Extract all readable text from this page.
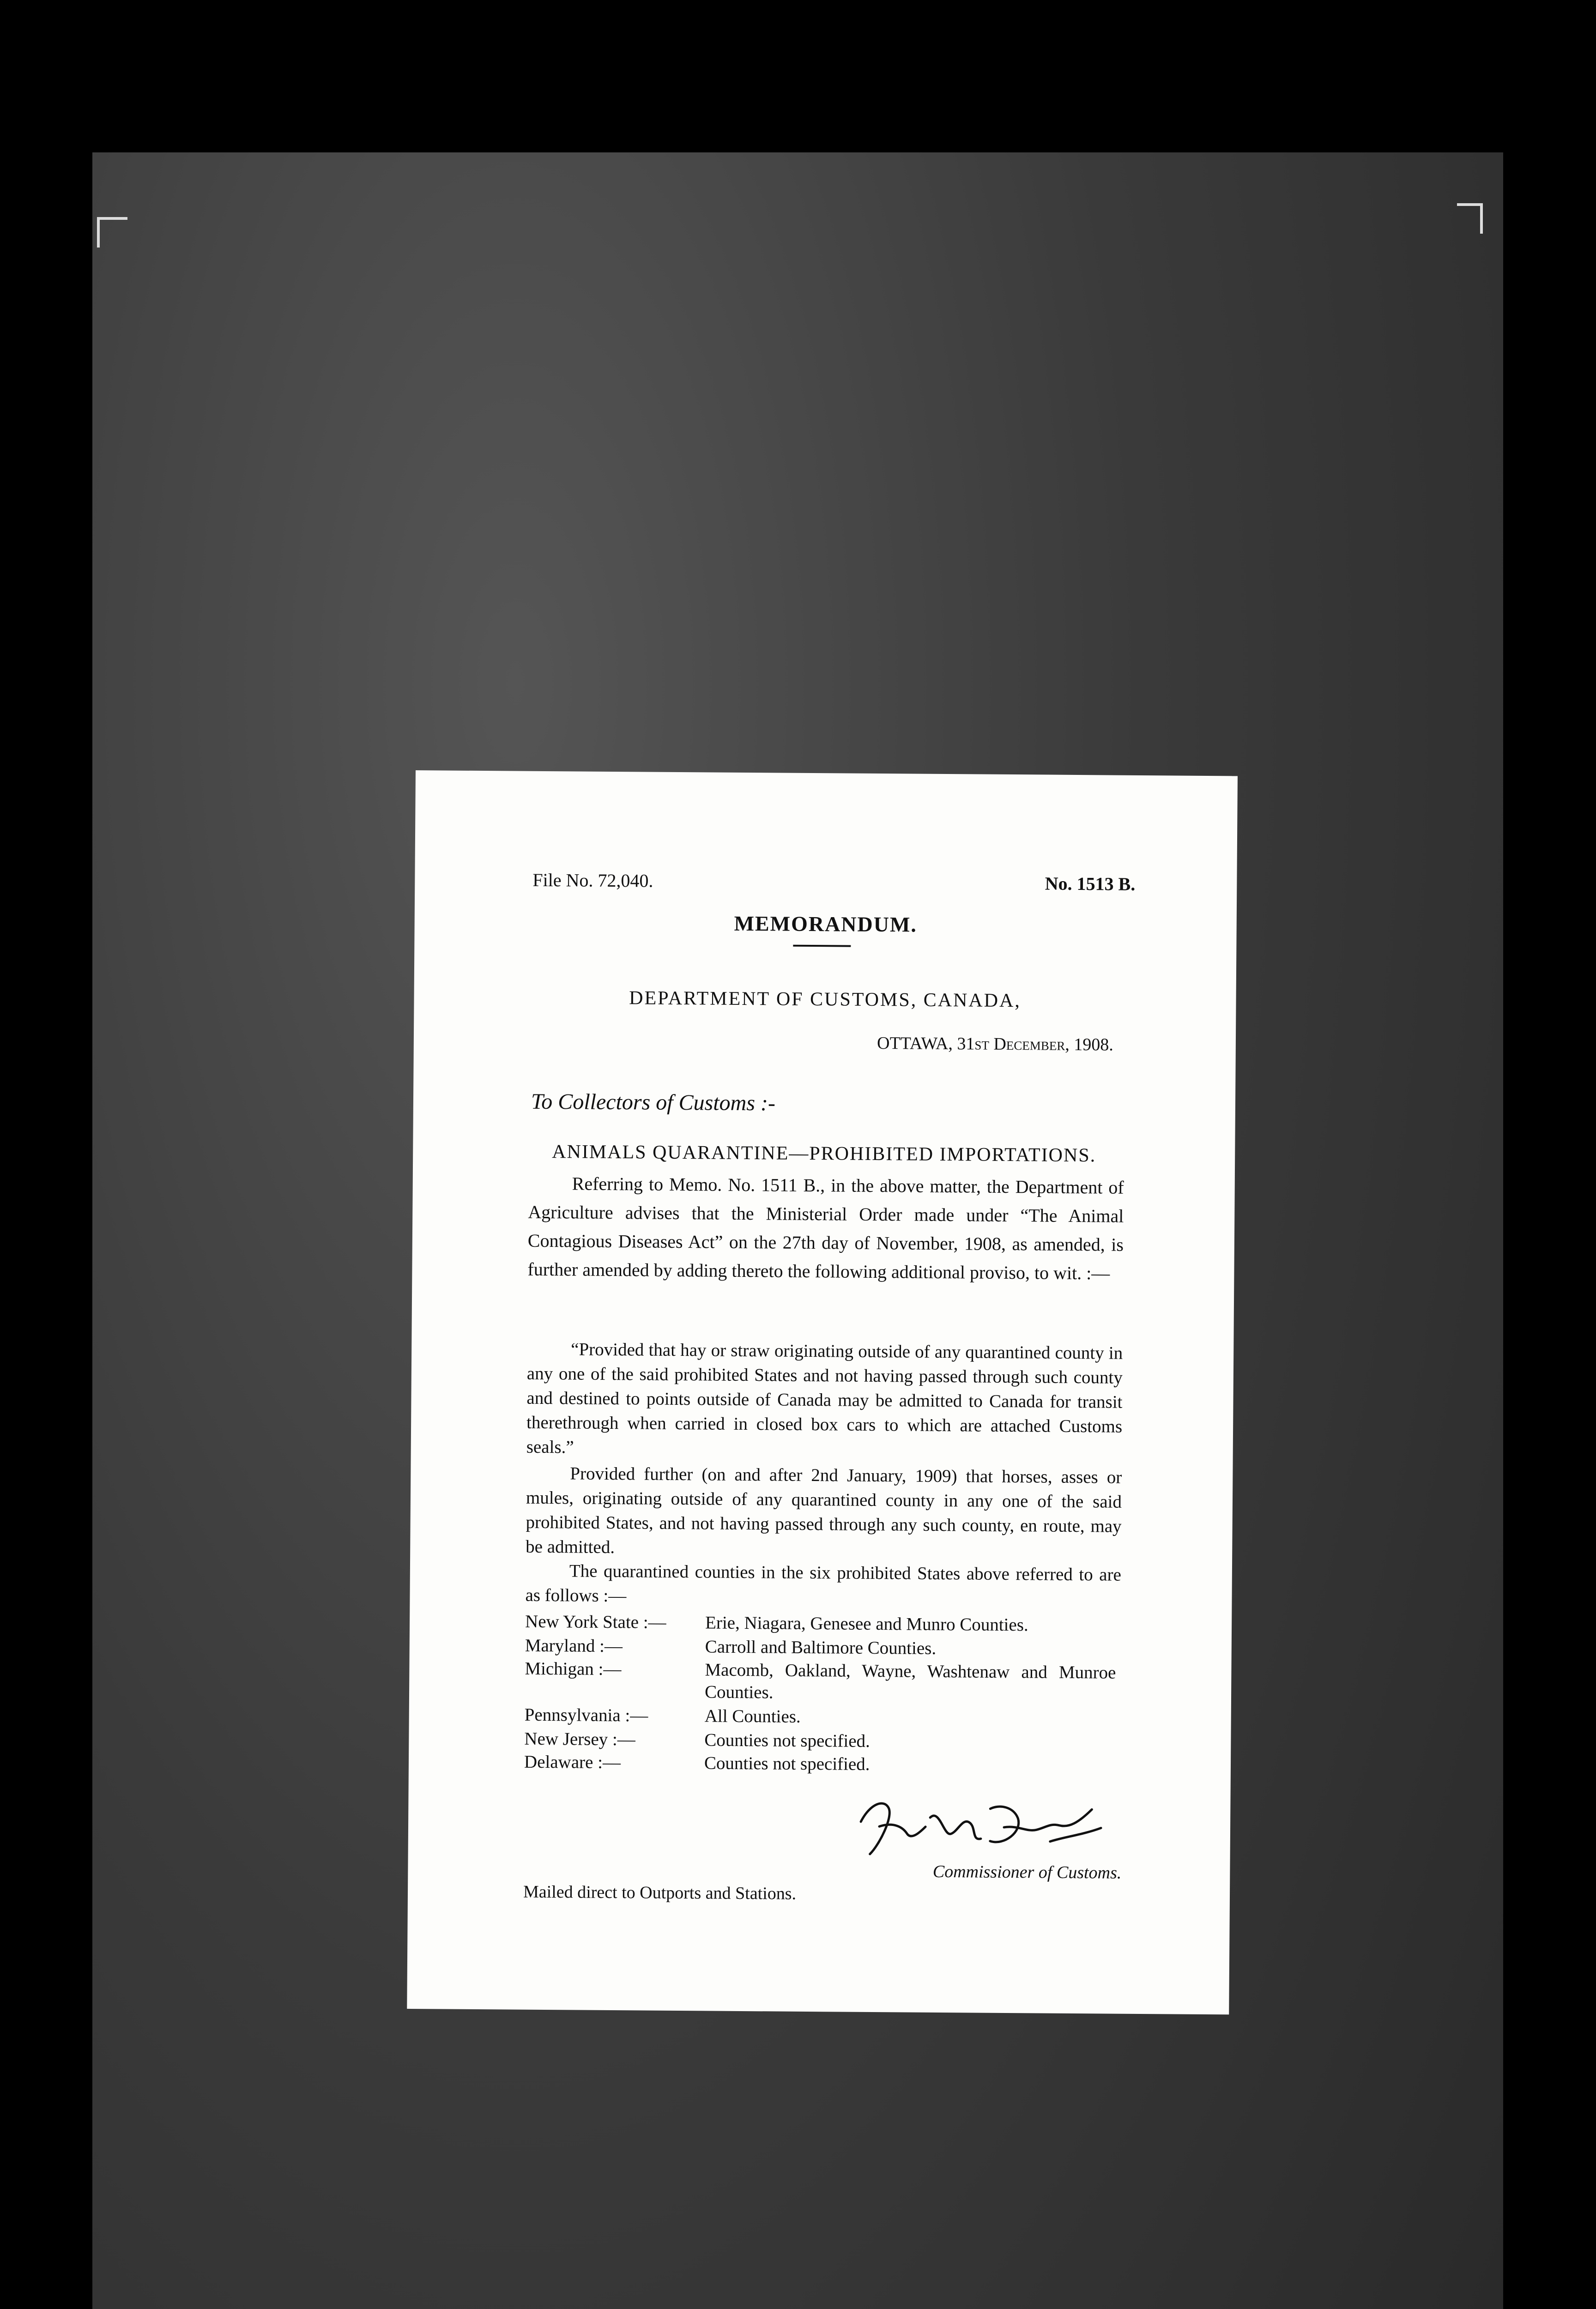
File No. 72,040.	No. 1513 B.
MEMORANDUM.
DEPARTMENT OF CUSTOMS, CANADA,
OTTAWA, 31st December, 1908.
To Collectors of Customs :-
ANIMALS QUARANTINE—PROHIBITED IMPORTATIONS.

Referring to Memo. No. 1511 B., in the above matter, the Department of Agriculture advises that the Ministerial Order made under “The Animal Contagious Diseases Act” on the 27th day of November, 1908, as amended, is further amended by adding thereto the following additional proviso, to wit. :—

“Provided that hay or straw originating outside of any quarantined county in any one of the said prohibited States and not having passed through such county and destined to points outside of Canada may be admitted to Canada for transit therethrough when carried in closed box cars to which are attached Customs seals.”

Provided further (on and after 2nd January, 1909) that horses, asses or mules, originating outside of any quarantined county in any one of the said prohibited States, and not having passed through any such county, en route, may be admitted.

The quarantined counties in the six prohibited States above referred to are as follows :—

New York State :— Erie, Niagara, Genesee and Munro Counties.
Maryland :—	Carroll and Baltimore Counties.
Michigan :—	Macomb, Oakland, Wayne, Washtenaw and Munroe Counties.
Pennsylvania :—	All Counties.
New Jersey :—	Counties not specified.
Delaware :—	Counties not specified.
Commissioner of Customs.
Mailed direct to Outports and Stations.
